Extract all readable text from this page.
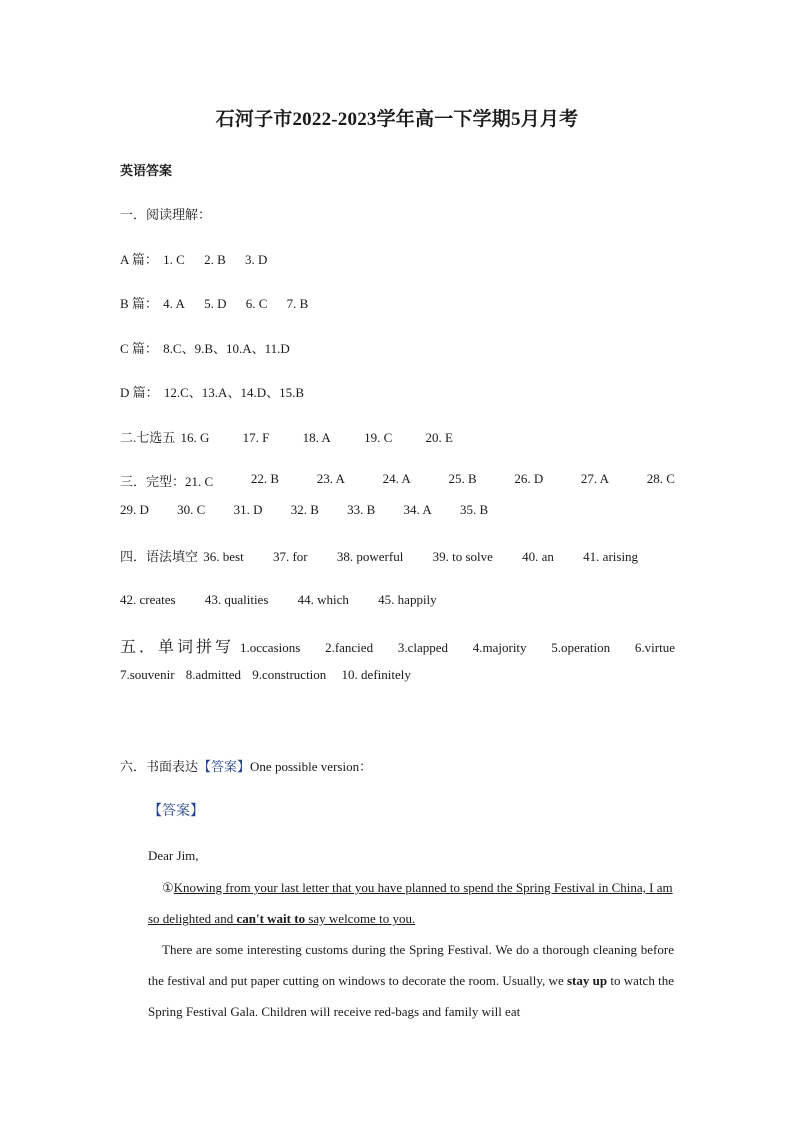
石河子市2022-2023学年高一下学期5月月考
英语答案
一．阅读理解：
A 篇： 1. C 2. B 3. D
B 篇： 4. A 5. D 6. C 7. B
C 篇： 8.C、9.B、10.A、11.D
D 篇： 12.C、13.A、14.D、15.B
二.七选五 16. G	17. F	18. A	19. C	20. E
三．完型：21. C	22. B	23. A	24. A	25. B	26. D	27. A	28. C
29. D 30. C 31. D 32. B 33. B 34. A 35. B
四．语法填空 36. best 37. for 38. powerful 39. to solve 40. an 41. arising
42. creates 43. qualities 44. which 45. happily
五．单词拼写 1.occasions 2.fancied 3.clapped 4.majority 5.operation 6.virtue
7.souvenir 8.admitted 9.construction 10. definitely
六．书面表达【答案】One possible version：
【答案】
Dear Jim,
①Knowing from your last letter that you have planned to spend the Spring Festival in China, I am so delighted and can't wait to say welcome to you.
There are some interesting customs during the Spring Festival. We do a thorough cleaning before the festival and put paper cutting on windows to decorate the room. Usually, we stay up to watch the Spring Festival Gala. Children will receive red-bags and family will eat
